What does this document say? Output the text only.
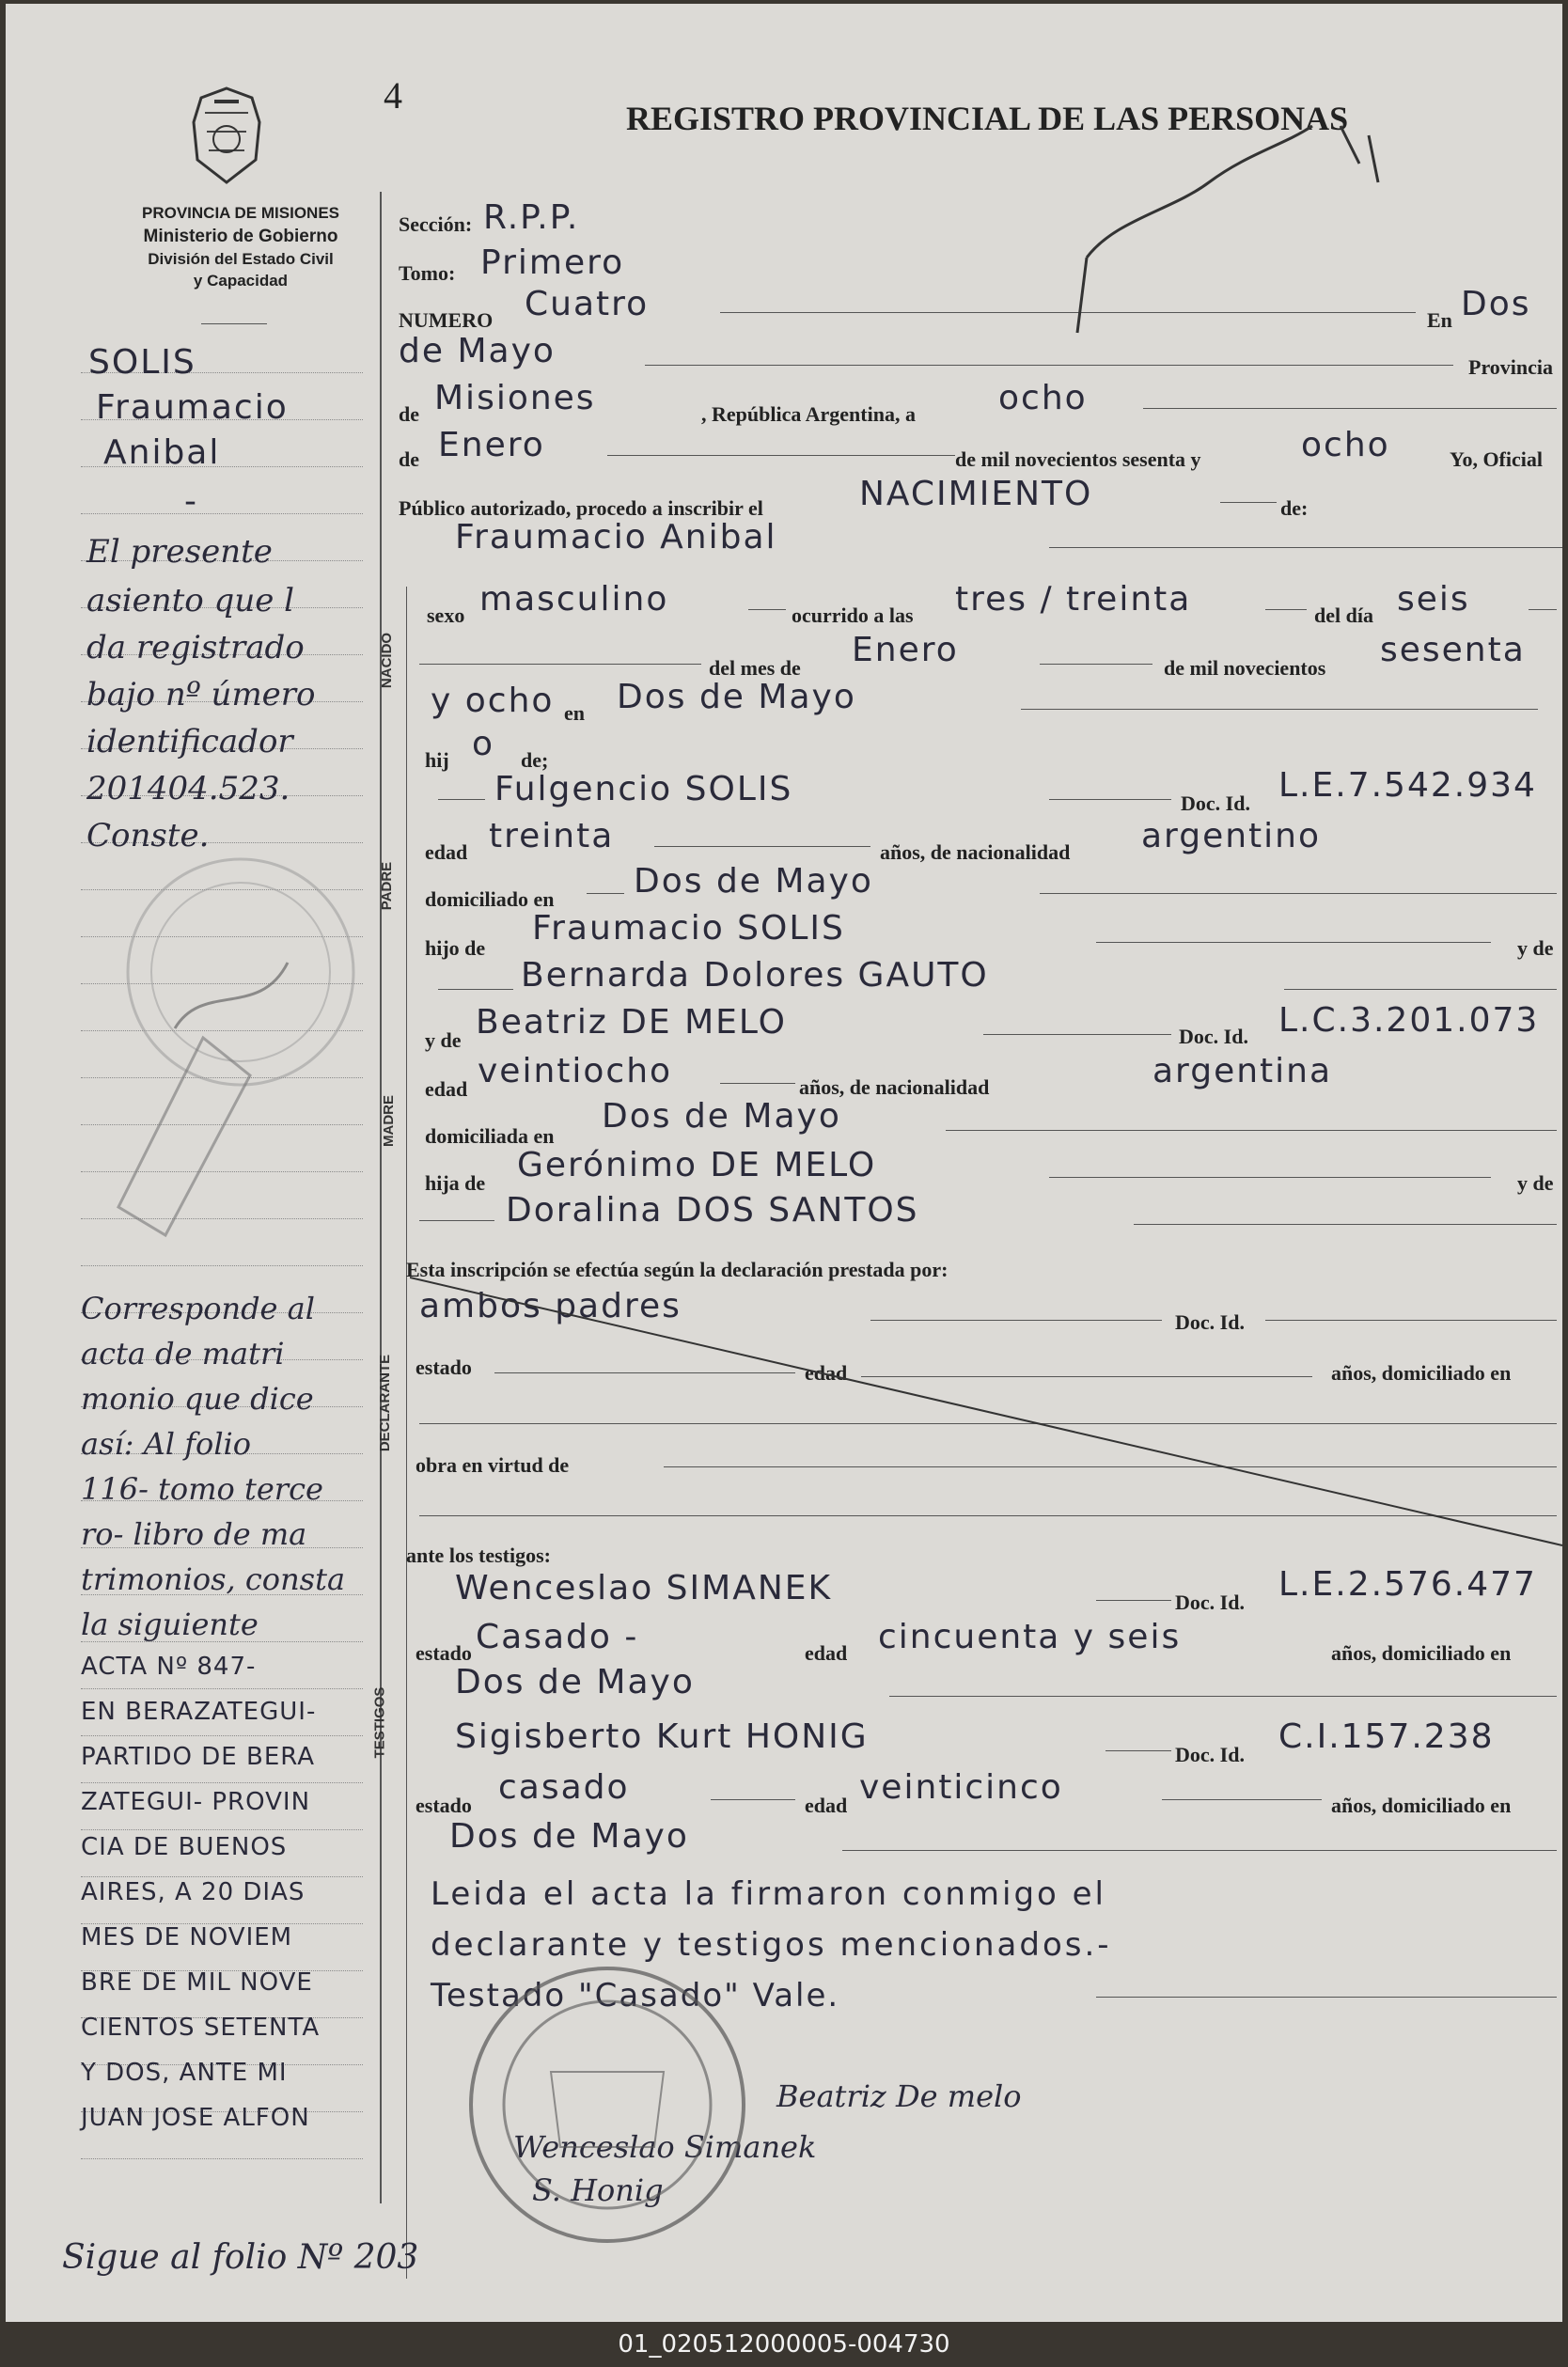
4
REGISTRO PROVINCIAL DE LAS PERSONAS
PROVINCIA DE MISIONES
Ministerio de Gobierno
División del Estado Civil
y Capacidad
SOLIS
Fraumacio
Anibal
-
El presente
asiento que l
da registrado
bajo nº úmero
identificador
201404.523.
Conste.
Corresponde al
acta de matri
monio que dice
así: Al folio
116- tomo terce
ro- libro de ma
trimonios, consta
la siguiente
ACTA Nº 847-
EN BERAZATEGUI-
PARTIDO DE BERA
ZATEGUI- PROVIN
CIA DE BUENOS
AIRES, A 20 DIAS
MES DE NOVIEM
BRE DE MIL NOVE
CIENTOS SETENTA
Y DOS, ANTE MI
JUAN JOSE ALFON
Sigue al folio Nº 203
Sección: R.P.P.
Tomo: Primero
NUMERO Cuatro	En Dos
de Mayo	Provincia
de Misiones	, República Argentina, a ocho
de Enero	de mil novecientos sesenta y	ocho	Yo, Oficial
Público autorizado, procedo a inscribir el	NACIMIENTO	de:
Fraumacio Anibal
sexo masculino	ocurrido a las tres / treinta	del día seis
del mes de Enero	de mil novecientos sesenta
y ocho en Dos de Mayo
hij o de;
Fulgencio SOLIS	Doc. Id. L.E.7.542.934
edad treinta	años, de nacionalidad argentino
domiciliado en Dos de Mayo
hijo de
Fraumacio SOLIS
y de
Bernarda Dolores GAUTO
y de Beatriz DE MELO	Doc. Id. L.C.3.201.073
edad veintiocho	años, de nacionalidad	argentina
domiciliada en
Dos de Mayo
hija de Gerónimo DE MELO	y de
Doralina DOS SANTOS
Esta inscripción se efectúa según la declaración prestada por:
ambos padres	Doc. Id.
estado	edad	años, domiciliado en
obra en virtud de
ante los testigos:
Wenceslao SIMANEK	Doc. Id. L.E.2.576.477
estado Casado -	edad cincuenta y seis	años, domiciliado en
Dos de Mayo
Sigisberto Kurt HONIG	Doc. Id. C.I.157.238
estado casado	edad veinticinco	años, domiciliado en
Dos de Mayo
Leida el acta la firmaron conmigo el
declarante y testigos mencionados.-
Testado "Casado" Vale.
Beatriz De melo
Wenceslao Simanek
S. Honig
NACIDO
PADRE
MADRE
DECLARANTE
TESTIGOS
01_020512000005-004730
